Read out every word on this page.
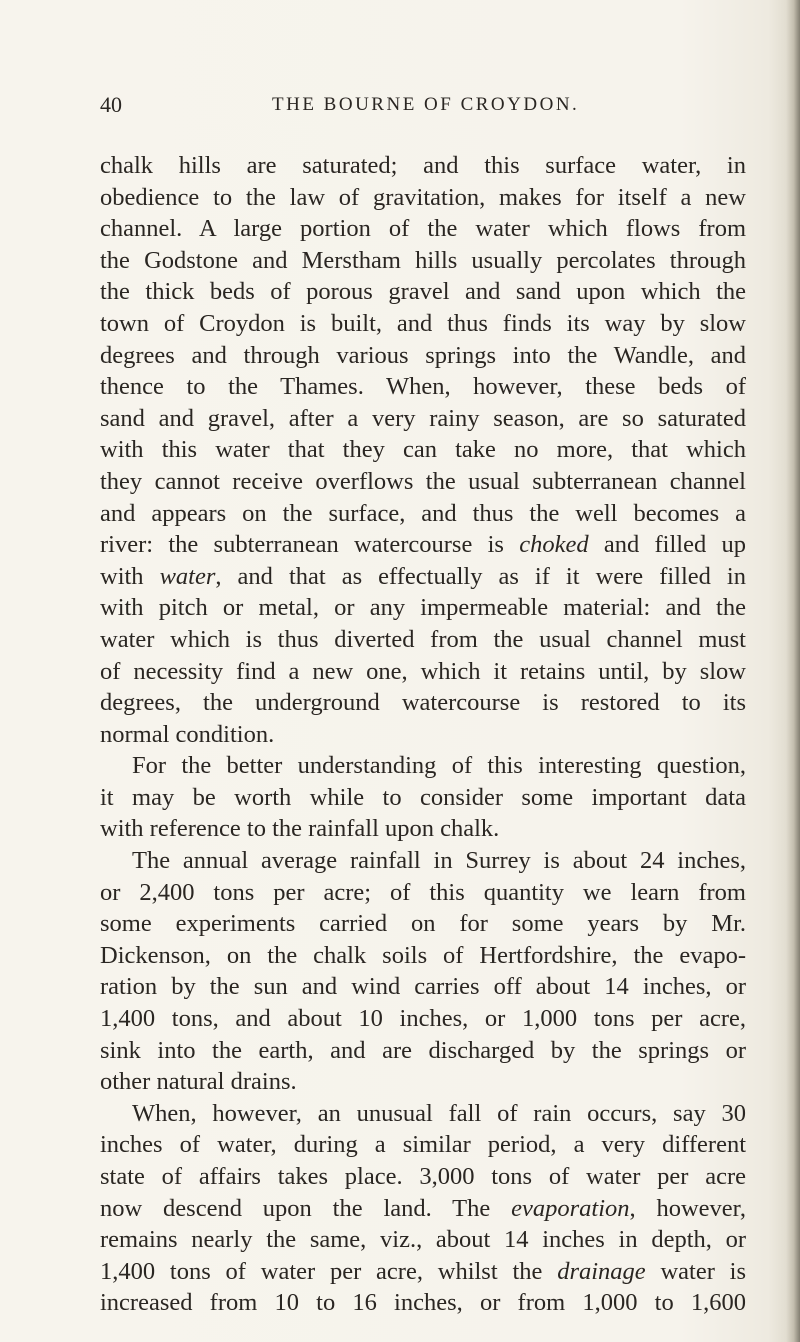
40	THE BOURNE OF CROYDON.
chalk hills are saturated; and this surface water, in
obedience to the law of gravitation, makes for itself a new
channel. A large portion of the water which flows from
the Godstone and Merstham hills usually percolates through
the thick beds of porous gravel and sand upon which the
town of Croydon is built, and thus finds its way by slow
degrees and through various springs into the Wandle, and
thence to the Thames. When, however, these beds of
sand and gravel, after a very rainy season, are so saturated
with this water that they can take no more, that which
they cannot receive overflows the usual subterranean channel
and appears on the surface, and thus the well becomes a
river: the subterranean watercourse is choked and filled up
with water, and that as effectually as if it were filled in
with pitch or metal, or any impermeable material: and the
water which is thus diverted from the usual channel must
of necessity find a new one, which it retains until, by slow
degrees, the underground watercourse is restored to its
normal condition.
For the better understanding of this interesting question,
it may be worth while to consider some important data
with reference to the rainfall upon chalk.
The annual average rainfall in Surrey is about 24 inches,
or 2,400 tons per acre; of this quantity we learn from
some experiments carried on for some years by Mr.
Dickenson, on the chalk soils of Hertfordshire, the evapo-
ration by the sun and wind carries off about 14 inches, or
1,400 tons, and about 10 inches, or 1,000 tons per acre,
sink into the earth, and are discharged by the springs or
other natural drains.
When, however, an unusual fall of rain occurs, say 30
inches of water, during a similar period, a very different
state of affairs takes place. 3,000 tons of water per acre
now descend upon the land. The evaporation, however,
remains nearly the same, viz., about 14 inches in depth, or
1,400 tons of water per acre, whilst the drainage water is
increased from 10 to 16 inches, or from 1,000 to 1,600
